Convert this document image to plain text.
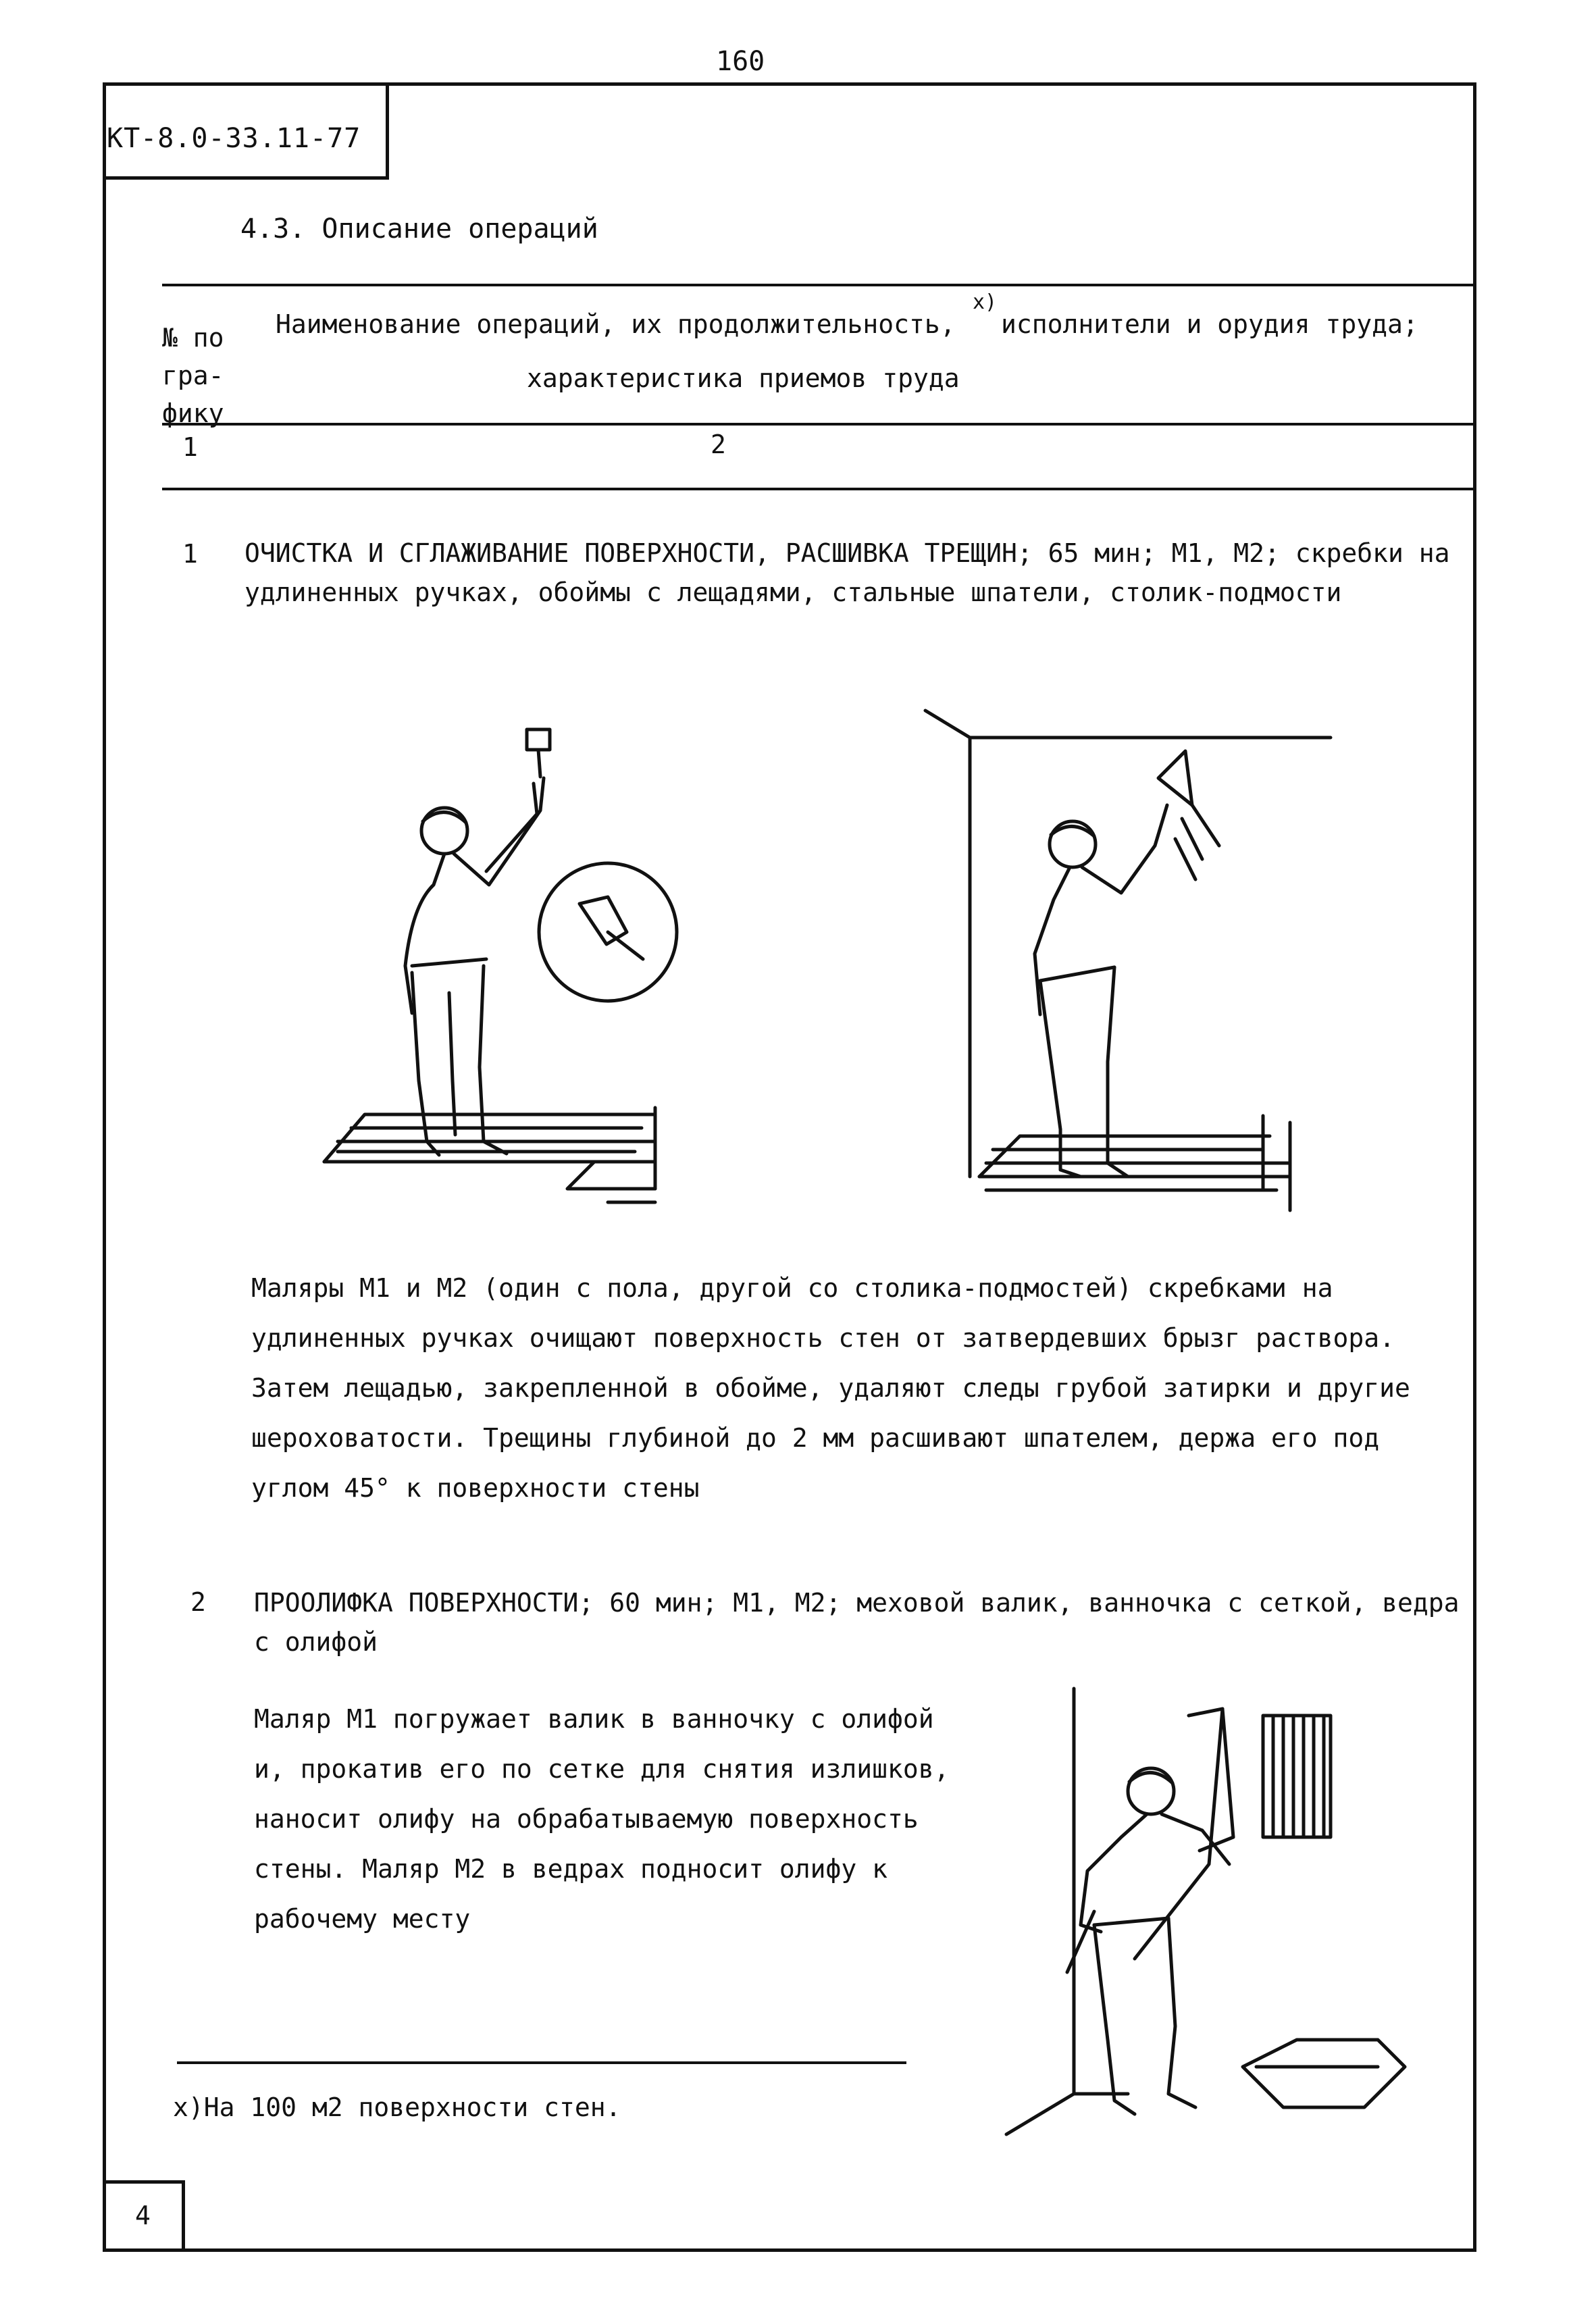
160
КТ-8.0-33.11-77
4.3. Описание операций
№ по гра- фику
Наименование операций, их продолжительность,
x)
исполнители и орудия труда;
характеристика приемов труда
1	2
1 ОЧИСТКА И СГЛАЖИВАНИЕ ПОВЕРХНОСТИ, РАСШИВКА ТРЕЩИН; 65 мин; М1, М2; скребки на удлиненных ручках, обоймы с лещадями, стальные шпатели, столик-подмости
Маляры М1 и М2 (один с пола, другой со столика-подмостей) скребками на удлиненных ручках очищают поверхность стен от затвердевших брызг раствора. Затем лещадью, закрепленной в обойме, удаляют следы грубой затирки и другие шероховатости. Трещины глубиной до 2 мм расшивают шпателем, держа его под углом 45° к поверхности стены
2 ПРООЛИФКА ПОВЕРХНОСТИ; 60 мин; М1, М2; меховой валик, ванночка с сеткой, ведра с олифой
Маляр М1 погружает валик в ванночку с олифой и, прокатив его по сетке для снятия излишков, наносит олифу на обрабатываемую поверхность стены. Маляр М2 в ведрах подносит олифу к рабочему месту
x)На 100 м2 поверхности стен.
4
